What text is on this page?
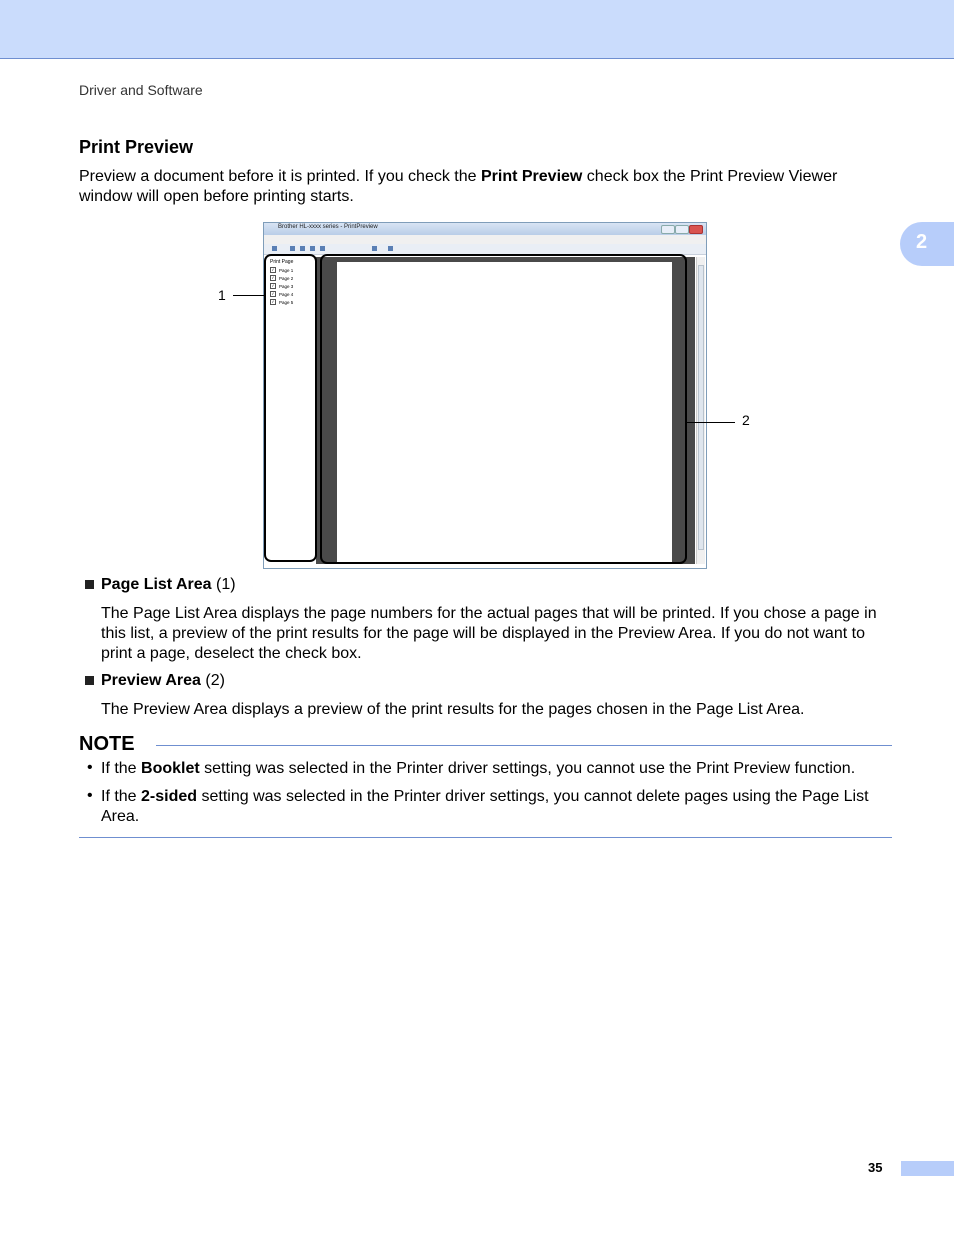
Driver and Software
2
Print Preview

Preview a document before it is printed. If you check the Print Preview check box the Print Preview Viewer window will open before printing starts.

Brother HL-xxxx series - PrintPreview
Print Page
✓ Page 1
✓ Page 2
✓ Page 3
✓ Page 4
✓ Page 5
1
2
Page List Area (1)

The Page List Area displays the page numbers for the actual pages that will be printed. If you chose a page in this list, a preview of the print results for the page will be displayed in the Preview Area. If you do not want to print a page, deselect the check box.

Preview Area (2)

The Preview Area displays a preview of the print results for the pages chosen in the Page List Area.

NOTE
• If the Booklet setting was selected in the Printer driver settings, you cannot use the Print Preview function.

• If the 2-sided setting was selected in the Printer driver settings, you cannot delete pages using the Page List Area.

35
